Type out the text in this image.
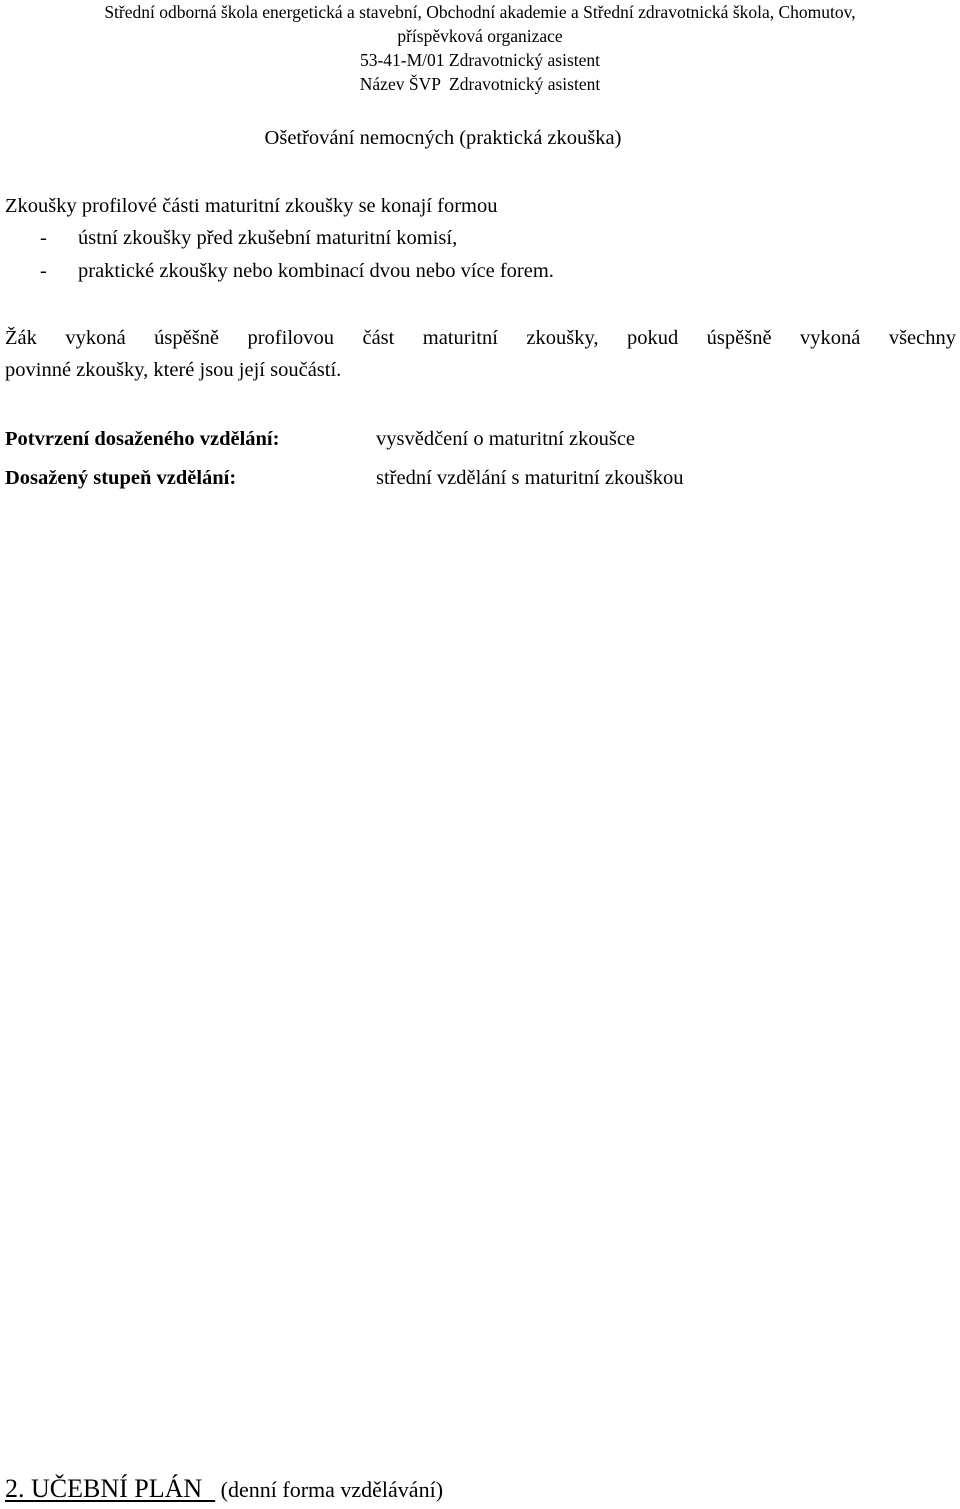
Střední odborná škola energetická a stavební, Obchodní akademie a Střední zdravotnická škola, Chomutov,
příspěvková organizace
53-41-M/01 Zdravotnický asistent
Název ŠVP  Zdravotnický asistent
Ošetřování nemocných (praktická zkouška)
Zkoušky profilové části maturitní zkoušky se konají formou
- ústní zkoušky před zkušební maturitní komisí,
- praktické zkoušky nebo kombinací dvou nebo více forem.
Žák vykoná úspěšně profilovou část maturitní zkoušky, pokud úspěšně vykoná všechny
povinné zkoušky, které jsou její součástí.
Potvrzení dosaženého vzdělání:	vysvědčení o maturitní zkoušce
Dosažený stupeň vzdělání:	střední vzdělání s maturitní zkouškou
2. UČEBNÍ PLÁN   (denní forma vzdělávání)
